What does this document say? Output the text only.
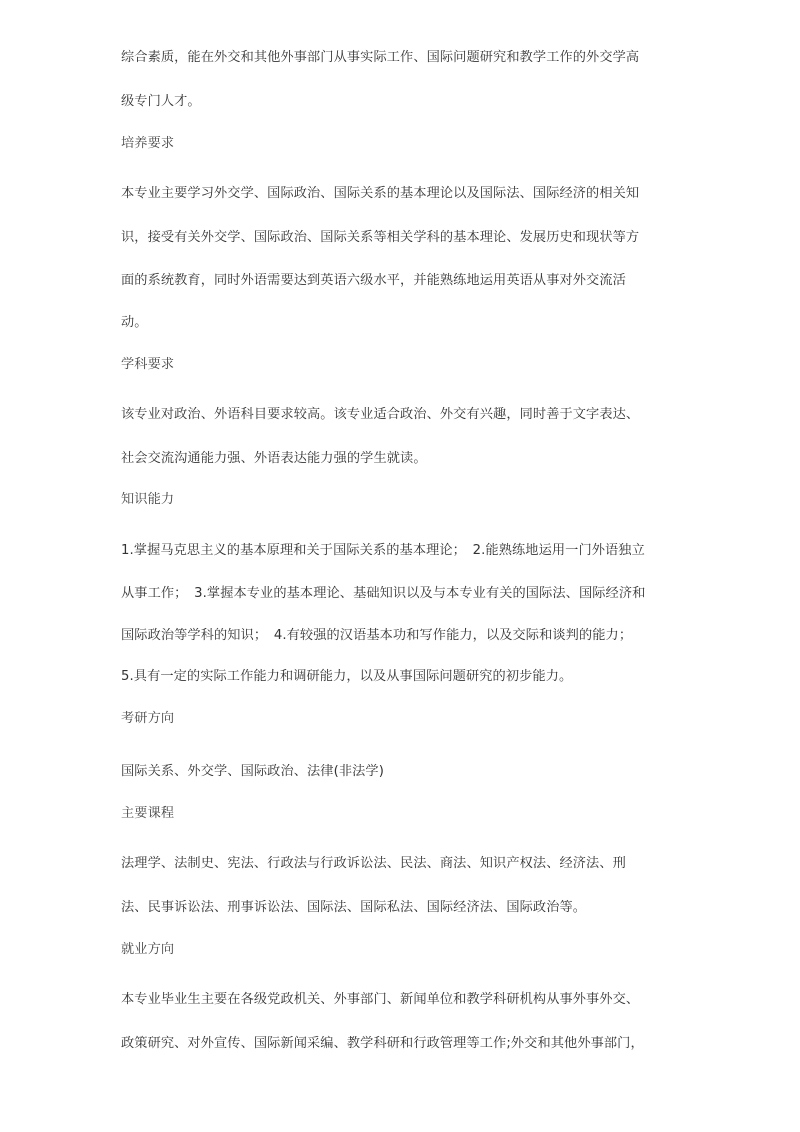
综合素质，能在外交和其他外事部门从事实际工作、国际问题研究和教学工作的外交学高
级专门人才。
培养要求
本专业主要学习外交学、国际政治、国际关系的基本理论以及国际法、国际经济的相关知
识，接受有关外交学、国际政治、国际关系等相关学科的基本理论、发展历史和现状等方
面的系统教育，同时外语需要达到英语六级水平，并能熟练地运用英语从事对外交流活
动。
学科要求
该专业对政治、外语科目要求较高。该专业适合政治、外交有兴趣，同时善于文字表达、
社会交流沟通能力强、外语表达能力强的学生就读。
知识能力
1.掌握马克思主义的基本原理和关于国际关系的基本理论；　2.能熟练地运用一门外语独立
从事工作；　3.掌握本专业的基本理论、基础知识以及与本专业有关的国际法、国际经济和
国际政治等学科的知识；　4.有较强的汉语基本功和写作能力，以及交际和谈判的能力；
5.具有一定的实际工作能力和调研能力，以及从事国际问题研究的初步能力。
考研方向
国际关系、外交学、国际政治、法律(非法学)
主要课程
法理学、法制史、宪法、行政法与行政诉讼法、民法、商法、知识产权法、经济法、刑
法、民事诉讼法、刑事诉讼法、国际法、国际私法、国际经济法、国际政治等。
就业方向
本专业毕业生主要在各级党政机关、外事部门、新闻单位和教学科研机构从事外事外交、
政策研究、对外宣传、国际新闻采编、教学科研和行政管理等工作;外交和其他外事部门，
